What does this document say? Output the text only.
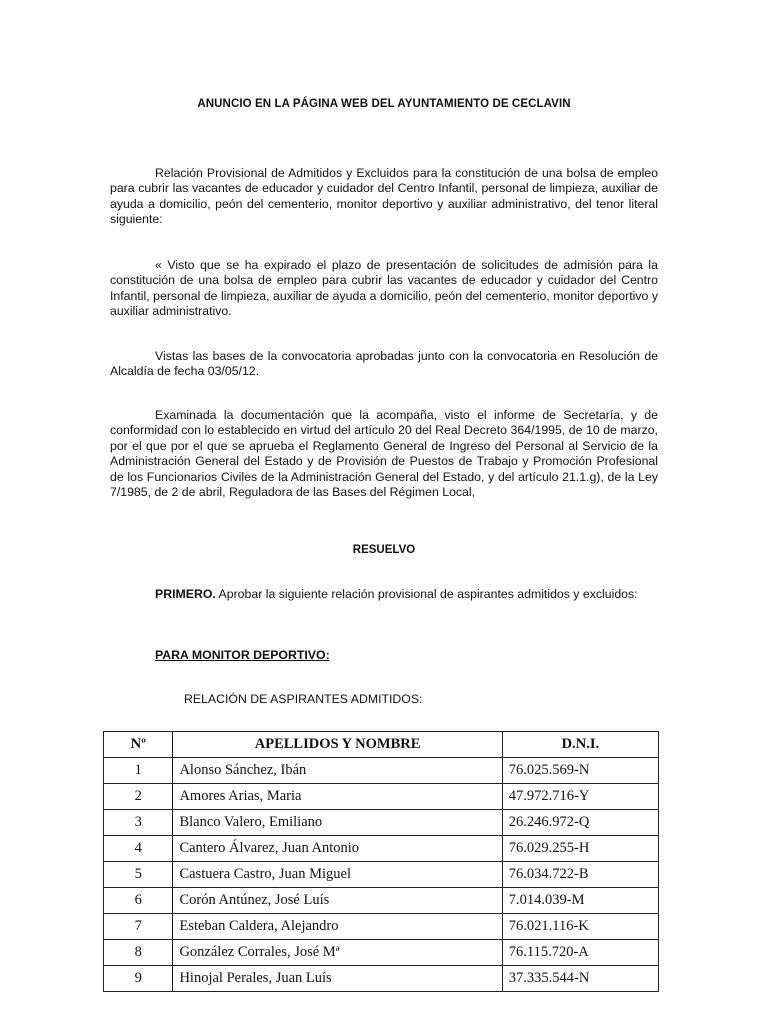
ANUNCIO EN LA PÁGINA WEB DEL AYUNTAMIENTO DE CECLAVIN
Relación Provisional de Admitidos y Excluidos para la constitución de una bolsa de empleo para cubrir las vacantes de educador y cuidador del Centro Infantil, personal de limpieza, auxiliar de ayuda a domicilio, peón del cementerio, monitor deportivo y auxiliar administrativo, del tenor literal siguiente:
« Visto que se ha expirado el plazo de presentación de solicitudes de admisión para la constitución de una bolsa de empleo para cubrir las vacantes de educador y cuidador del Centro Infantil, personal de limpieza, auxiliar de ayuda a domicilio, peón del cementerio, monitor deportivo y auxiliar administrativo.
Vistas las bases de la convocatoria aprobadas junto con la convocatoria en Resolución de Alcaldía de fecha 03/05/12.
Examinada la documentación que la acompaña, visto el informe de Secretaría, y de conformidad con lo establecido en virtud del artículo 20 del Real Decreto 364/1995, de 10 de marzo, por el que por el que se aprueba el Reglamento General de Ingreso del Personal al Servicio de la Administración General del Estado y de Provisión de Puestos de Trabajo y Promoción Profesional de los Funcionarios Civiles de la Administración General del Estado, y del artículo 21.1.g), de la Ley 7/1985, de 2 de abril, Reguladora de las Bases del Régimen Local,
RESUELVO
PRIMERO. Aprobar la siguiente relación provisional de aspirantes admitidos y excluidos:
PARA MONITOR DEPORTIVO:
RELACIÓN DE ASPIRANTES ADMITIDOS:
Nº	APELLIDOS Y NOMBRE	D.N.I.
1	Alonso Sánchez, Ibán	76.025.569-N
2	Amores Arias, Maria	47.972.716-Y
3	Blanco Valero, Emiliano	26.246.972-Q
4	Cantero Álvarez, Juan Antonio	76.029.255-H
5	Castuera Castro, Juan Miguel	76.034.722-B
6	Corón Antúnez, José Luís	7.014.039-M
7	Esteban Caldera, Alejandro	76.021.116-K
8	González Corrales, José Mª	76.115.720-A
9	Hinojal Perales, Juan Luís	37.335.544-N
